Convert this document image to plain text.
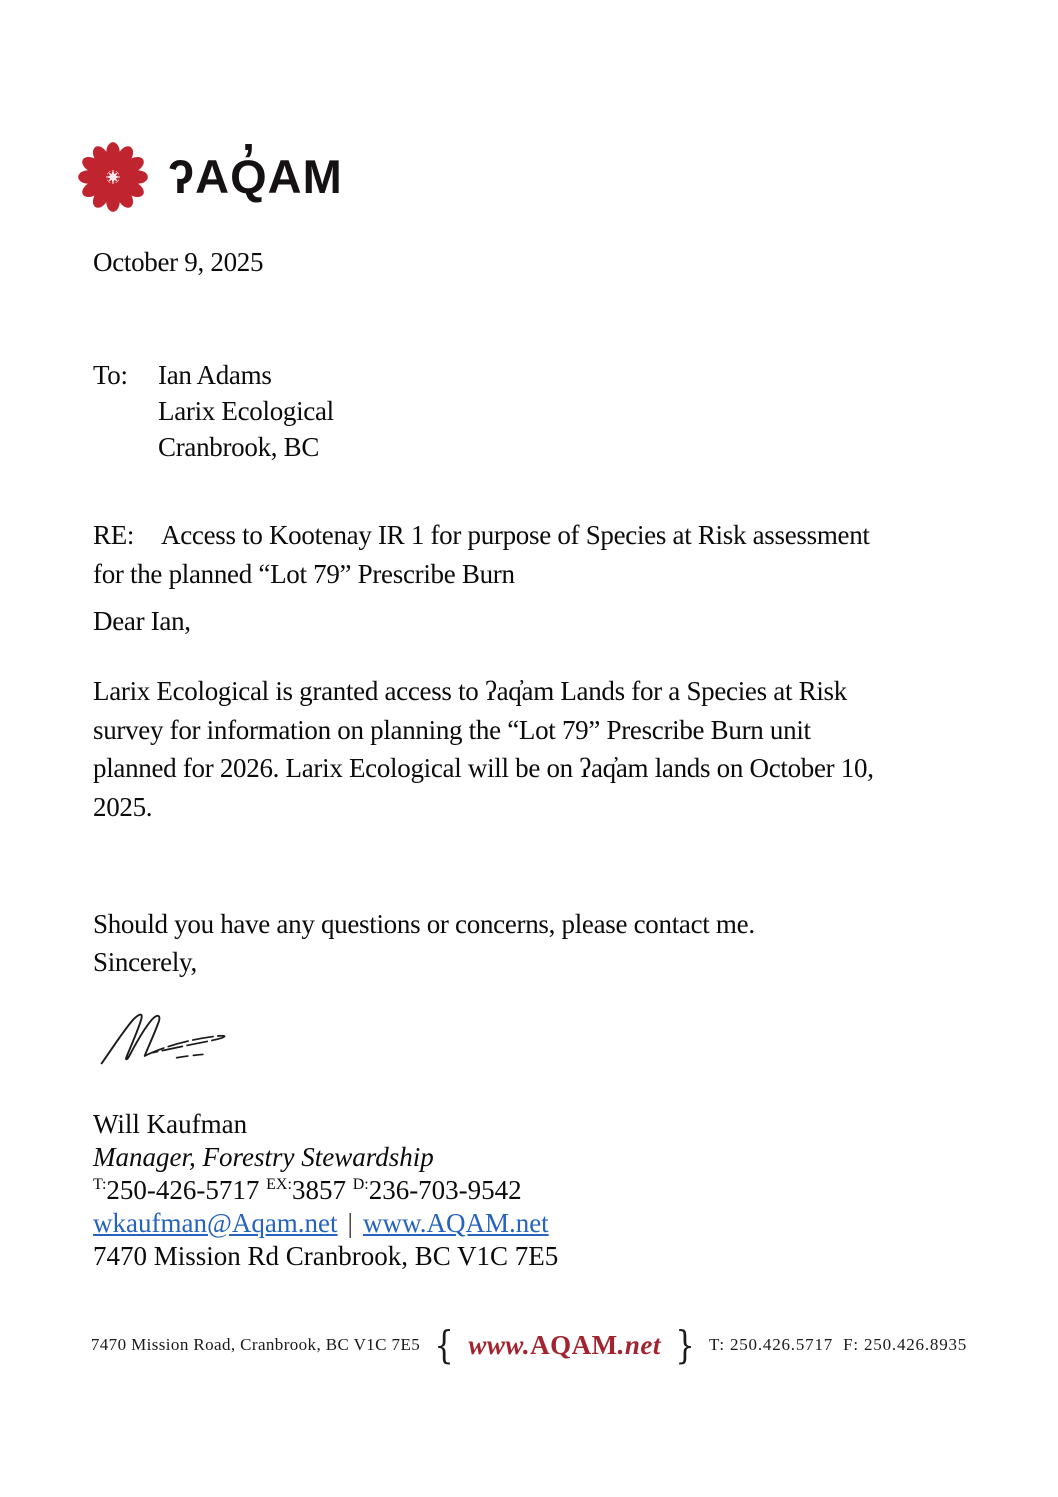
ʔAQ̓AM
October 9, 2025
To:	Ian Adams
Larix Ecological
Cranbrook, BC
RE: Access to Kootenay IR 1 for purpose of Species at Risk assessment
for the planned “Lot 79” Prescribe Burn
Dear Ian,
Larix Ecological is granted access to ʔaq̓am Lands for a Species at Risk
survey for information on planning the “Lot 79” Prescribe Burn unit
planned for 2026. Larix Ecological will be on ʔaq̓am lands on October 10,
2025.
Should you have any questions or concerns, please contact me.
Sincerely,
Will Kaufman
Manager, Forestry Stewardship
$^{T:}$250-426-5717 $^{EX:}$3857 $^{D:}$236-703-9542
wkaufman@Aqam.net | www.AQAM.net
7470 Mission Rd Cranbrook, BC V1C 7E5
7470 Mission Road, Cranbrook, BC V1C 7E5 { www.AQAM.net } T: 250.426.5717 F: 250.426.8935
